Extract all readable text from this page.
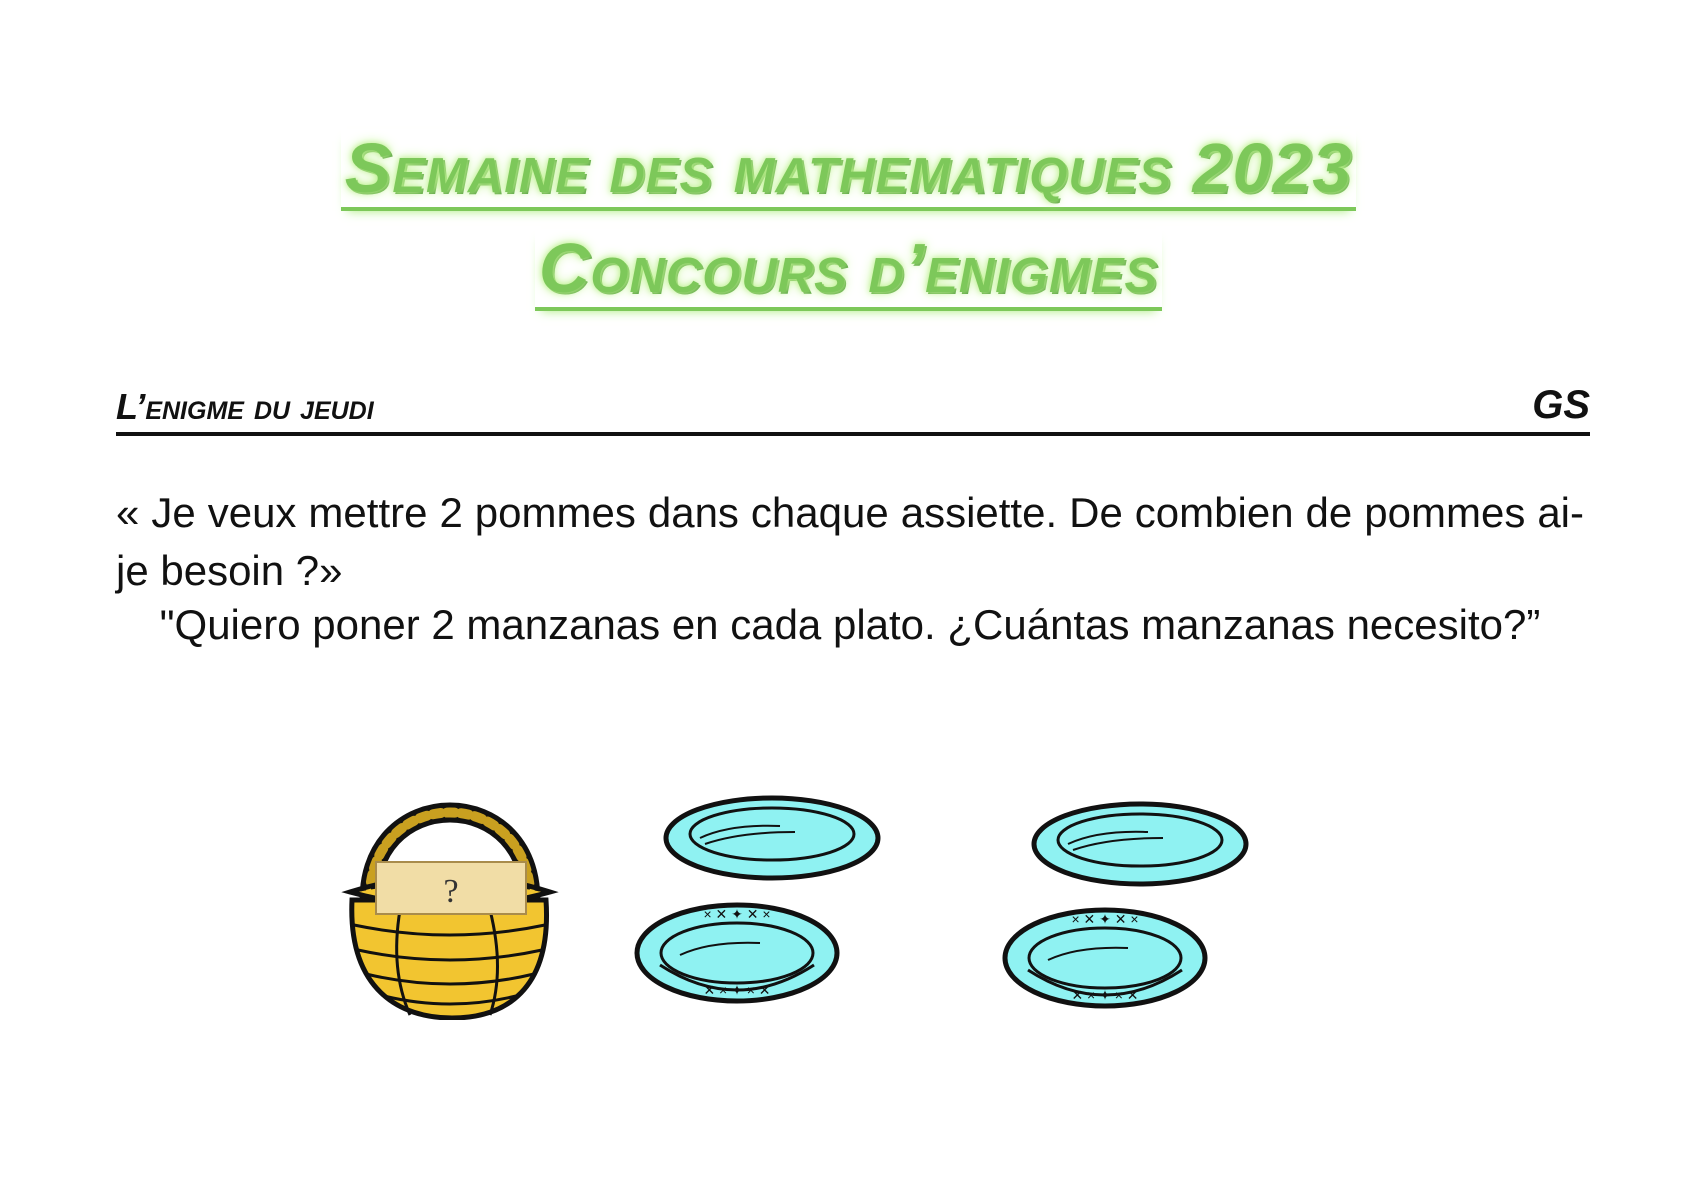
Semaine des mathematiques 2023
Concours d’enigmes
L’enigme du jeudi	GS
« Je veux mettre 2 pommes dans chaque assiette. De combien de pommes ai-je besoin ?»
"Quiero poner 2 manzanas en cada plato. ¿Cuántas manzanas necesito?”
?
× ✕ ✦ ✕ ×
✕ × ✦ × ✕
× ✕ ✦ ✕ ×
✕ × ✦ × ✕
